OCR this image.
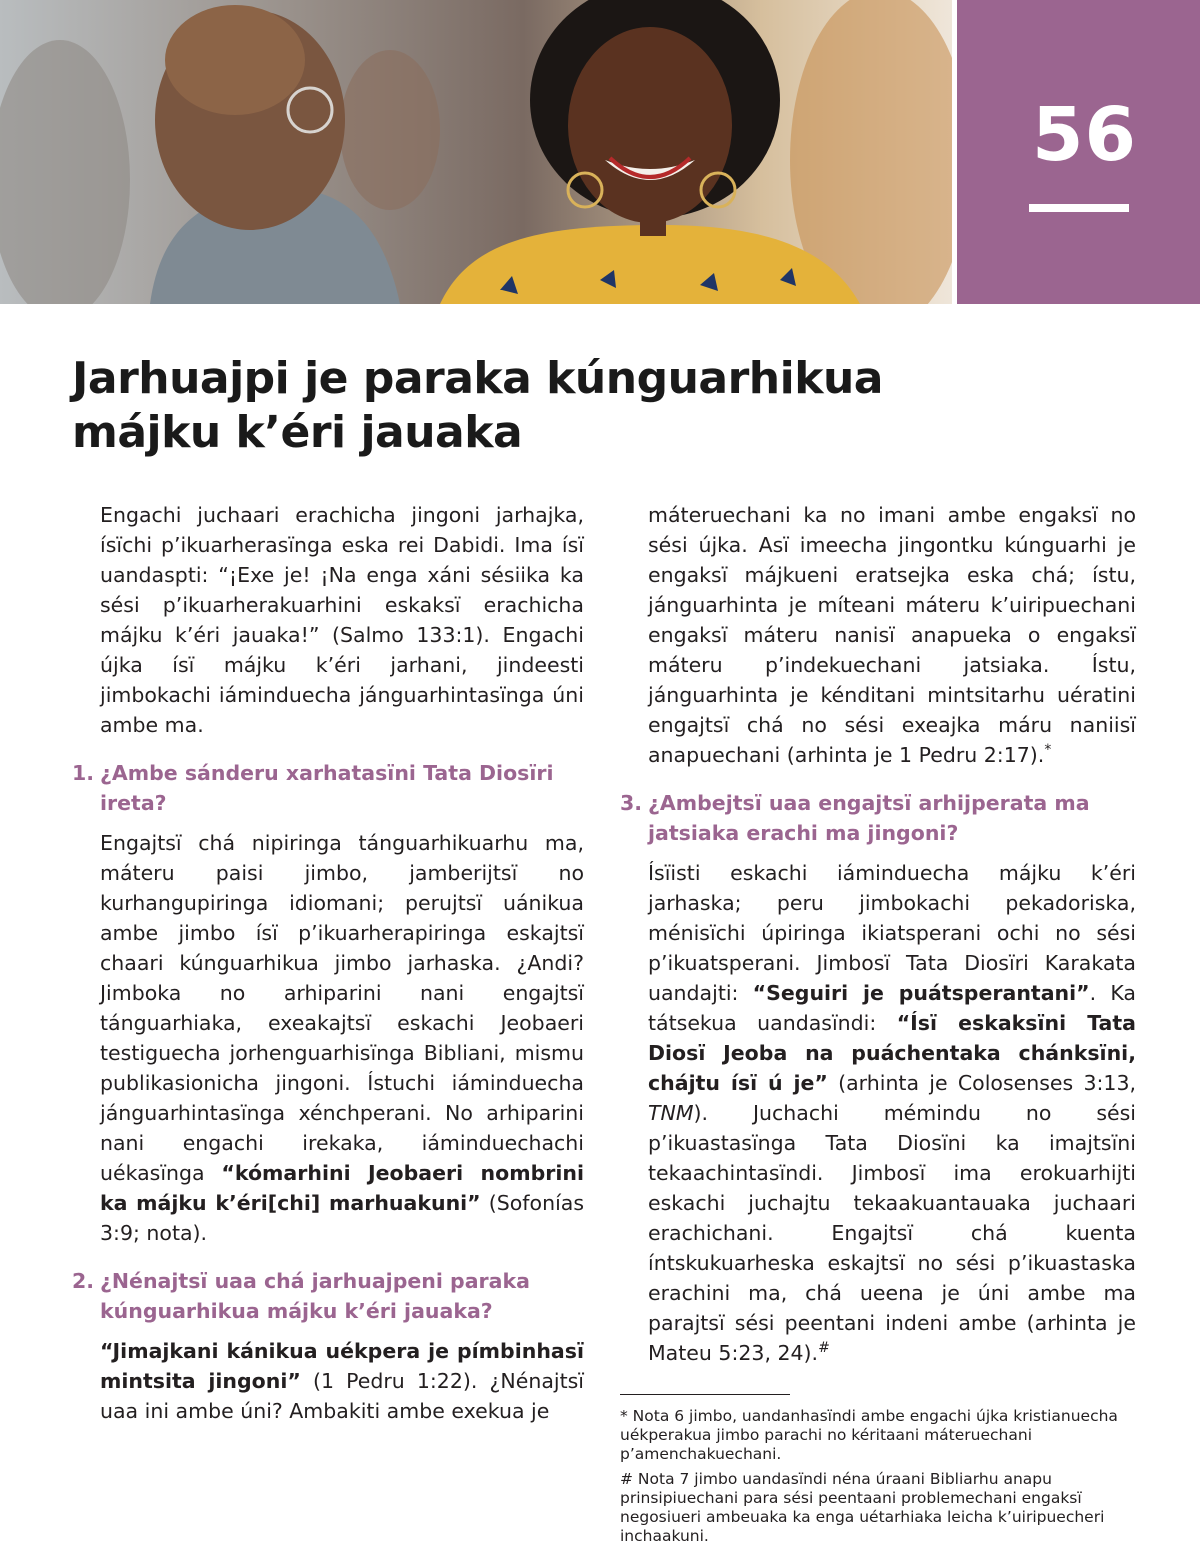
56
Jarhuajpi je paraka kúnguarhikua májku k’éri jauaka

Engachi juchaari erachicha jingoni jarhajka, ísïchi p’ikuarherasïnga eska rei Dabidi. Ima ísï uandaspti: “¡Exe je! ¡Na enga xáni sésiika ka sési p’ikuarherakuarhini eskaksï erachicha májku k’éri jauaka!” (Salmo 133:1). Engachi újka ísï májku k’éri jarhani, jindeesti jimbokachi iáminduecha jánguarhintasïnga úni ambe ma.

1. ¿Ambe sánderu xarhatasïni Tata Diosïri ireta?

Engajtsï chá nipiringa tánguarhikuarhu ma, máteru paisi jimbo, jamberijtsï no kurhangupiringa idiomani; perujtsï uánikua ambe jimbo ísï p’ikuarherapiringa eskajtsï chaari kúnguarhikua jimbo jarhaska. ¿Andi? Jimboka no arhiparini nani engajtsï tánguarhiaka, exeakajtsï eskachi Jeobaeri testiguecha jorhenguarhisïnga Bibliani, mismu publikasionicha jingoni. Ístuchi iáminduecha jánguarhintasïnga xénchperani. No arhiparini nani engachi irekaka, iáminduechachi uékasïnga “kómarhini Jeobaeri nombrini ka májku k’éri[chi] marhuakuni” (Sofonías 3:9; nota).

2. ¿Nénajtsï uaa chá jarhuajpeni paraka kúnguarhikua májku k’éri jauaka?

“Jimajkani kánikua uékpera je pímbinhasï mintsita jingoni” (1 Pedru 1:22). ¿Nénajtsï uaa ini ambe úni? Ambakiti ambe exekua je

máteruechani ka no imani ambe engaksï no sési újka. Asï imeecha jingontku kúnguarhi je engaksï májkueni eratsejka eska chá; ístu, jánguarhinta je míteani máteru k’uiripuechani engaksï máteru nanisï anapueka o engaksï máteru p’indekuechani jatsiaka. Ístu, jánguarhinta je kénditani mintsitarhu uératini engajtsï chá no sési exeajka máru naniisï anapuechani (arhinta je 1 Pedru 2:17).*

3. ¿Ambejtsï uaa engajtsï arhijperata ma jatsiaka erachi ma jingoni?

Ísïisti eskachi iáminduecha májku k’éri jarhaska; peru jimbokachi pekadoriska, ménisïchi úpiringa ikiatsperani ochi no sési p’ikuatsperani. Jimbosï Tata Diosïri Karakata uandajti: “Seguiri je puátsperantani”. Ka tátsekua uandasïndi: “Ísï eskaksïni Tata Diosï Jeoba na puáchentaka chánksïni, chájtu ísï ú je” (arhinta je Colosenses 3:13, TNM). Juchachi mémindu no sési p’ikuastasïnga Tata Diosïni ka imajtsïni tekaachintasïndi. Jimbosï ima erokuarhijti eskachi juchajtu tekaakuantauaka juchaari erachichani. Engajtsï chá kuenta íntskukuarheska eskajtsï no sési p’ikuastaska erachini ma, chá ueena je úni ambe ma parajtsï sési peentani indeni ambe (arhinta je Mateu 5:23, 24).#

* Nota 6 jimbo, uandanhasïndi ambe engachi újka kristianuecha uékperakua jimbo parachi no kéritaani máteruechani p’amenchakuechani.

# Nota 7 jimbo uandasïndi néna úraani Bibliarhu anapu prinsipiuechani para sési peentaani problemechani engaksï negosiueri ambeuaka ka enga uétarhiaka leicha k’uiripuecheri inchaakuni.
